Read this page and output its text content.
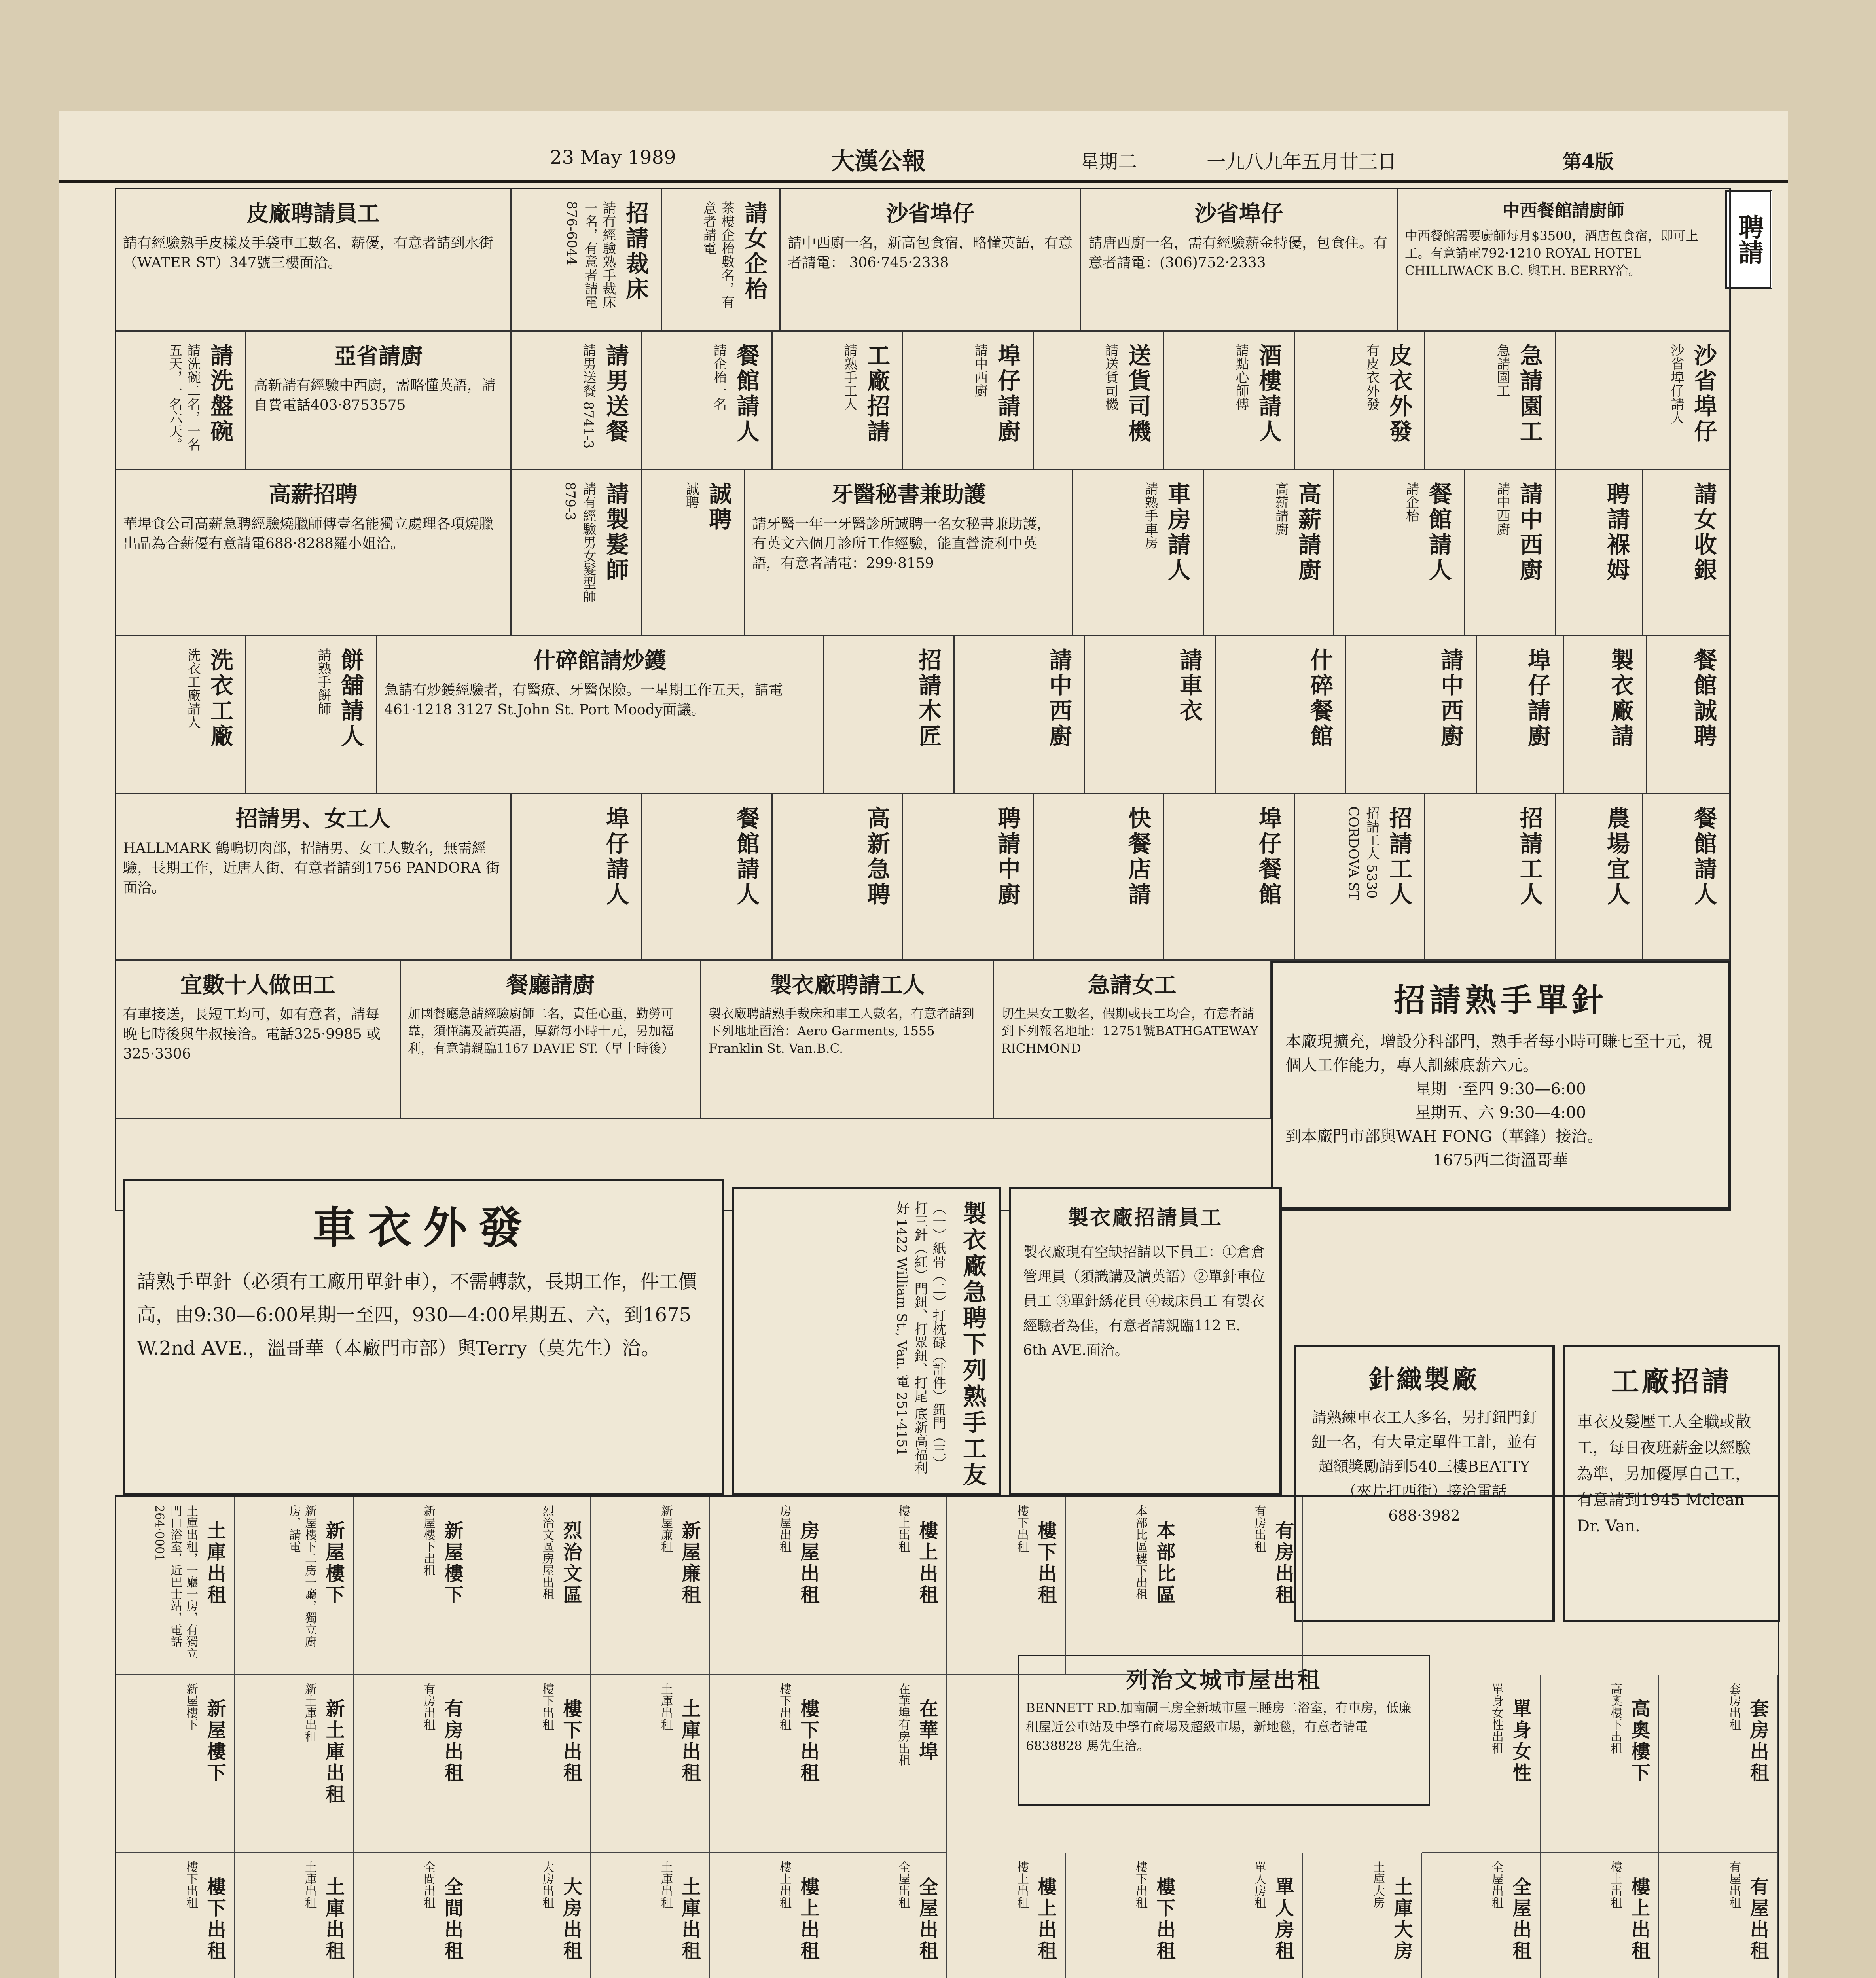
23 May 1989	大漢公報	星期二	一九八九年五月廿三日	第4版
聘請
皮廠聘請員工

請有經驗熟手皮樣及手袋車工數名，薪優，有意者請到水街（WATER ST）347號三樓面洽。	招請裁床
請有經驗熟手裁床一名，有意者請電 876-6044	請女企枱
茶樓企枱數名，有意者請電	沙省埠仔

請中西廚一名，新高包食宿，略懂英語，有意者請電： 306·745·2338

沙省埠仔

請唐西廚一名，需有經驗薪金特優，包食住。有意者請電：(306)752·2333

中西餐館請廚師

中西餐館需要廚師每月$3500，酒店包食宿，即可上工。有意請電792·1210 ROYAL HOTEL CHILLIWACK B.C. 與T.H. BERRY洽。

請洗盤碗
請洗碗二名，一名五天，一名六天。	亞省請廚

高新請有經驗中西廚，需略懂英語，請自費電話403·8753575	請男送餐
請男送餐 8741-3	餐館請人
請企枱一名	工廠招請
請熟手工人	埠仔請廚
請中西廚	送貨司機
請送貨司機	酒樓請人
請點心師傅	皮衣外發
有皮衣外發	急請園工
急請園工	沙省埠仔
沙省埠仔請人
高薪招聘

華埠食公司高薪急聘經驗燒臘師傅壹名能獨立處理各項燒臘出品為合薪優有意請電688·8288羅小姐洽。	請製髮師
請有經驗男女髮型師 879-3	誠聘
誠聘	牙醫秘書兼助護

請牙醫一年一牙醫診所誠聘一名女秘書兼助護，有英文六個月診所工作經驗，能直營流利中英語，有意者請電：299·8159	車房請人
請熟手車房	高薪請廚
高薪請廚	餐館請人
請企枱	請中西廚
請中西廚	聘請褓姆	請女收銀
洗衣工廠
洗衣工廠請人	餅舖請人
請熟手餅師	什碎館請炒鑊

急請有炒鑊經驗者，有醫療、牙醫保險。一星期工作五天，請電461·1218 3127 St.John St. Port Moody面議。	招請木匠	請中西廚	請車衣	什碎餐館	請中西廚	埠仔請廚 製衣廠請 餐館誠聘
招請男、女工人

HALLMARK 鶴鳴切肉部，招請男、女工人數名，無需經驗，長期工作，近唐人街，有意者請到1756 PANDORA 街面洽。	埠仔請人	餐館請人	高新急聘	聘請中廚	快餐店請	埠仔餐館	招請工人
招請工人 5330 CORDOVA ST	招請工人	農場宜人	餐館請人
宜數十人做田工

有車接送，長短工均可，如有意者，請每晚七時後與牛叔接洽。電話325·9985 或325·3306

餐廳請廚

加國餐廳急請經驗廚師二名，責任心重，勤勞可靠，須懂講及讀英語，厚薪每小時十元，另加福利，有意請親臨1167 DAVIE ST.（早十時後）

製衣廠聘請工人

製衣廠聘請熟手裁床和車工人數名，有意者請到下列地址面洽：Aero Garments, 1555 Franklin St. Van.B.C.

急請女工

切生果女工數名，假期或長工均合，有意者請到下列報名地址：12751號BATHGATEWAY RICHMOND

招請熟手單針

本廠現擴充，增設分科部門，熟手者每小時可賺七至十元，視個人工作能力，專人訓練底薪六元。

星期一至四 9:30—6:00

星期五、六 9:30—4:00

到本廠門市部與WAH FONG（華鋒）接洽。

1675西二街溫哥華

車衣外發

請熟手單針（必須有工廠用單針車），不需轉款，長期工作，件工價高，由9:30—6:00星期一至四，930—4:00星期五、六，到1675 W.2nd AVE.，溫哥華（本廠門市部）與Terry（莫先生）洽。	製衣廠急聘下列熟手工友
（一）紙骨（二）打枕碌（計件）鈕門（三）打三針（紅）門鈕、打眾鈕、打尾 底新高福利好 1422 William St., Van. 電 251·4151	製衣廠招請員工

製衣廠現有空缺招請以下員工：①倉倉管理員（須識講及讀英語）②單針車位員工 ③單針綉花員 ④裁床員工 有製衣經驗者為佳，有意者請親臨112 E. 6th AVE.面洽。

針織製廠

請熟練車衣工人多名，另打鈕門釘鈕一名，有大量定單件工計，並有超額獎勵請到540三樓BEATTY（夾片打西街）接洽電話 688·3982

工廠招請

車衣及髮壓工人全職或散工，每日夜班薪金以經驗為準，另加優厚自己工，有意請到1945 Mclean Dr. Van.

列治文城市屋出租

BENNETT RD.加南嗣三房全新城市屋三睡房二浴室，有車房，低廉租屋近公車站及中學有商場及超級市場，新地毯，有意者請電 6838828 馬先生洽。

土庫出租
土庫出租，一廳一房，有獨立門口浴室，近巴士站，電話 264·0001	新屋樓下
新屋樓下二房一廳，獨立廚房，請電	新屋樓下
新屋樓下出租	烈治文區
烈治文區房屋出租	新屋廉租
新屋廉租	房屋出租
房屋出租	樓上出租
樓上出租	樓下出租
樓下出租	本部比區
本部比區樓下出租	有房出租
有房出租
新屋樓下
新屋樓下	新土庫出租
新土庫出租	有房出租
有房出租	樓下出租
樓下出租	土庫出租
土庫出租	樓下出租
樓下出租	在華埠
在華埠有房出租	單身女性
單身女性出租	高奧樓下
高奧樓下出租	套房出租
套房出租
樓下出租
樓下出租	土庫出租
土庫出租	全間出租
全間出租	大房出租
大房出租	土庫出租
土庫出租	樓上出租
樓上出租	全屋出租
全屋出租	樓上出租
樓上出租	樓下出租
樓下出租	單人房租
單人房租	土庫大房
土庫大房	全屋出租
全屋出租	樓上出租
樓上出租	有屋出租
有屋出租
